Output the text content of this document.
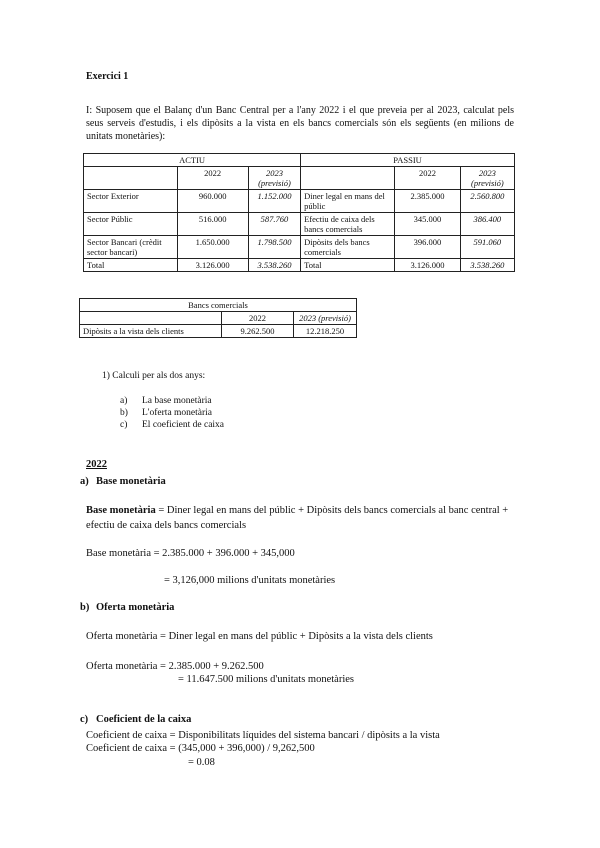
Exercici 1
I: Suposem que el Balanç d'un Banc Central per a l'any 2022 i el que preveia per al 2023, calculat pels seus serveis d'estudis, i els dipòsits a la vista en els bancs comercials són els següents (en milions de unitats monetàries):
ACTIU			PASSIU		
	2022	2023 (previsió)		2022	2023 (previsió)
Sector Exterior	960.000	1.152.000	Diner legal en mans del públic	2.385.000	2.560.800
Sector Públic	516.000	587.760	Efectiu de caixa dels bancs comercials	345.000	386.400
Sector Bancari (crèdit sector bancari)	1.650.000	1.798.500	Dipòsits dels bancs comercials	396.000	591.060
Total	3.126.000	3.538.260	Total	3.126.000	3.538.260
Bancs comercials		
	2022	2023 (previsió)
Dipòsits a la vista dels clients	9.262.500	12.218.250
1) Calculi per als dos anys:
a) La base monetària
b) L'oferta monetària
c) El coeficient de caixa
2022
a) Base monetària
Base monetària = Diner legal en mans del públic + Dipòsits dels bancs comercials al banc central + efectiu de caixa dels bancs comercials
Base monetària = 2.385.000 + 396.000 + 345,000
= 3,126,000 milions d'unitats monetàries
b) Oferta monetària
Oferta monetària = Diner legal en mans del públic + Dipòsits a la vista dels clients
Oferta monetària = 2.385.000 + 9.262.500
= 11.647.500 milions d'unitats monetàries
c) Coeficient de la caixa
Coeficient de caixa = Disponibilitats líquides del sistema bancari / dipòsits a la vista
Coeficient de caixa = (345,000 + 396,000) / 9,262,500
= 0.08
